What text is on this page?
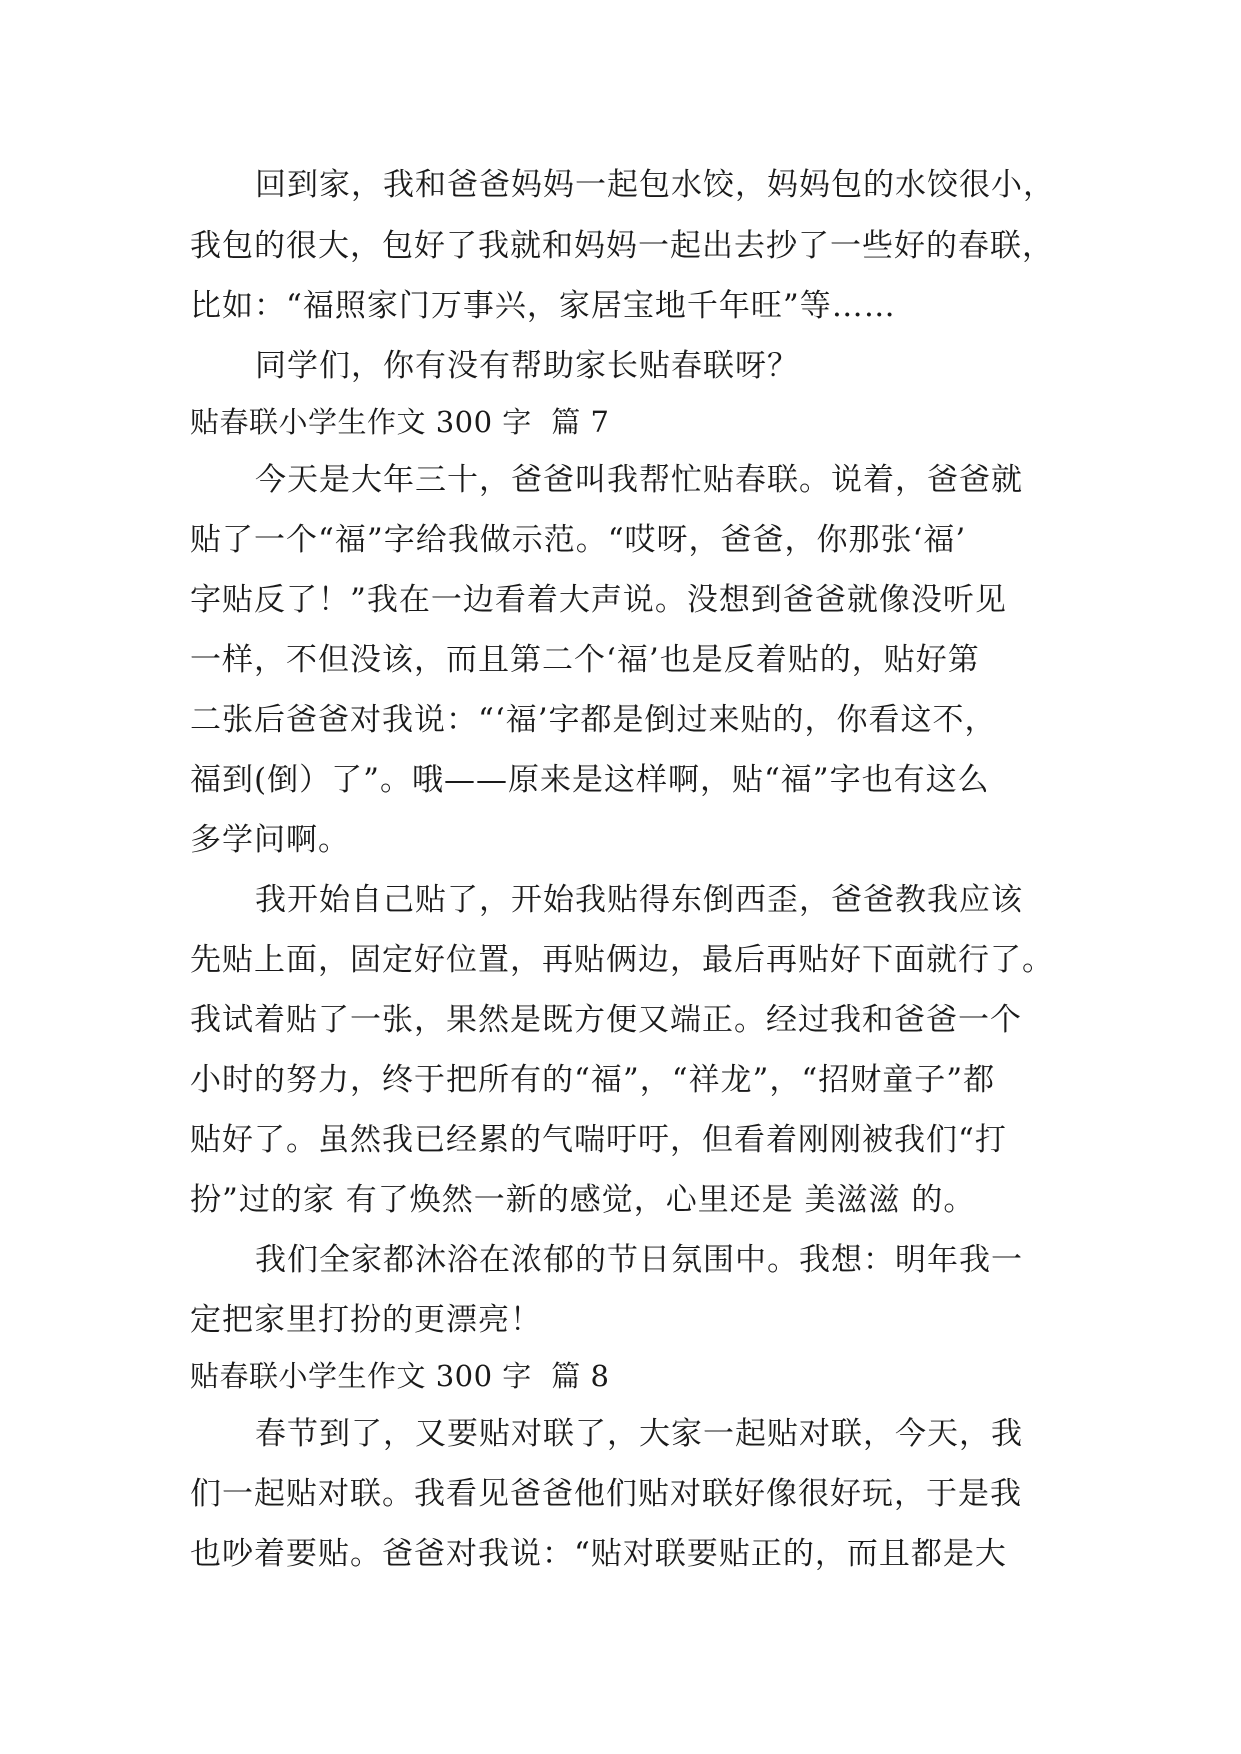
回到家，我和爸爸妈妈一起包水饺，妈妈包的水饺很小，
我包的很大，包好了我就和妈妈一起出去抄了一些好的春联，
比如：“福照家门万事兴，家居宝地千年旺”等……
同学们，你有没有帮助家长贴春联呀？
贴春联小学生作文 300 字  篇 7
今天是大年三十，爸爸叫我帮忙贴春联。说着，爸爸就
贴了一个“福”字给我做示范。“哎呀，爸爸，你那张‘福’
字贴反了！”我在一边看着大声说。没想到爸爸就像没听见
一样，不但没该，而且第二个‘福’也是反着贴的，贴好第
二张后爸爸对我说：“‘福’字都是倒过来贴的，你看这不，
福到(倒）了”。哦——原来是这样啊，贴“福”字也有这么
多学问啊。
我开始自己贴了，开始我贴得东倒西歪，爸爸教我应该
先贴上面，固定好位置，再贴俩边，最后再贴好下面就行了。
我试着贴了一张，果然是既方便又端正。经过我和爸爸一个
小时的努力，终于把所有的“福”，“祥龙”，“招财童子”都
贴好了。虽然我已经累的气喘吁吁，但看着刚刚被我们“打
扮”过的家 有了焕然一新的感觉，心里还是 美滋滋 的。
我们全家都沐浴在浓郁的节日氛围中。我想：明年我一
定把家里打扮的更漂亮！
贴春联小学生作文 300 字  篇 8
春节到了，又要贴对联了，大家一起贴对联，今天，我
们一起贴对联。我看见爸爸他们贴对联好像很好玩，于是我
也吵着要贴。爸爸对我说：“贴对联要贴正的，而且都是大
